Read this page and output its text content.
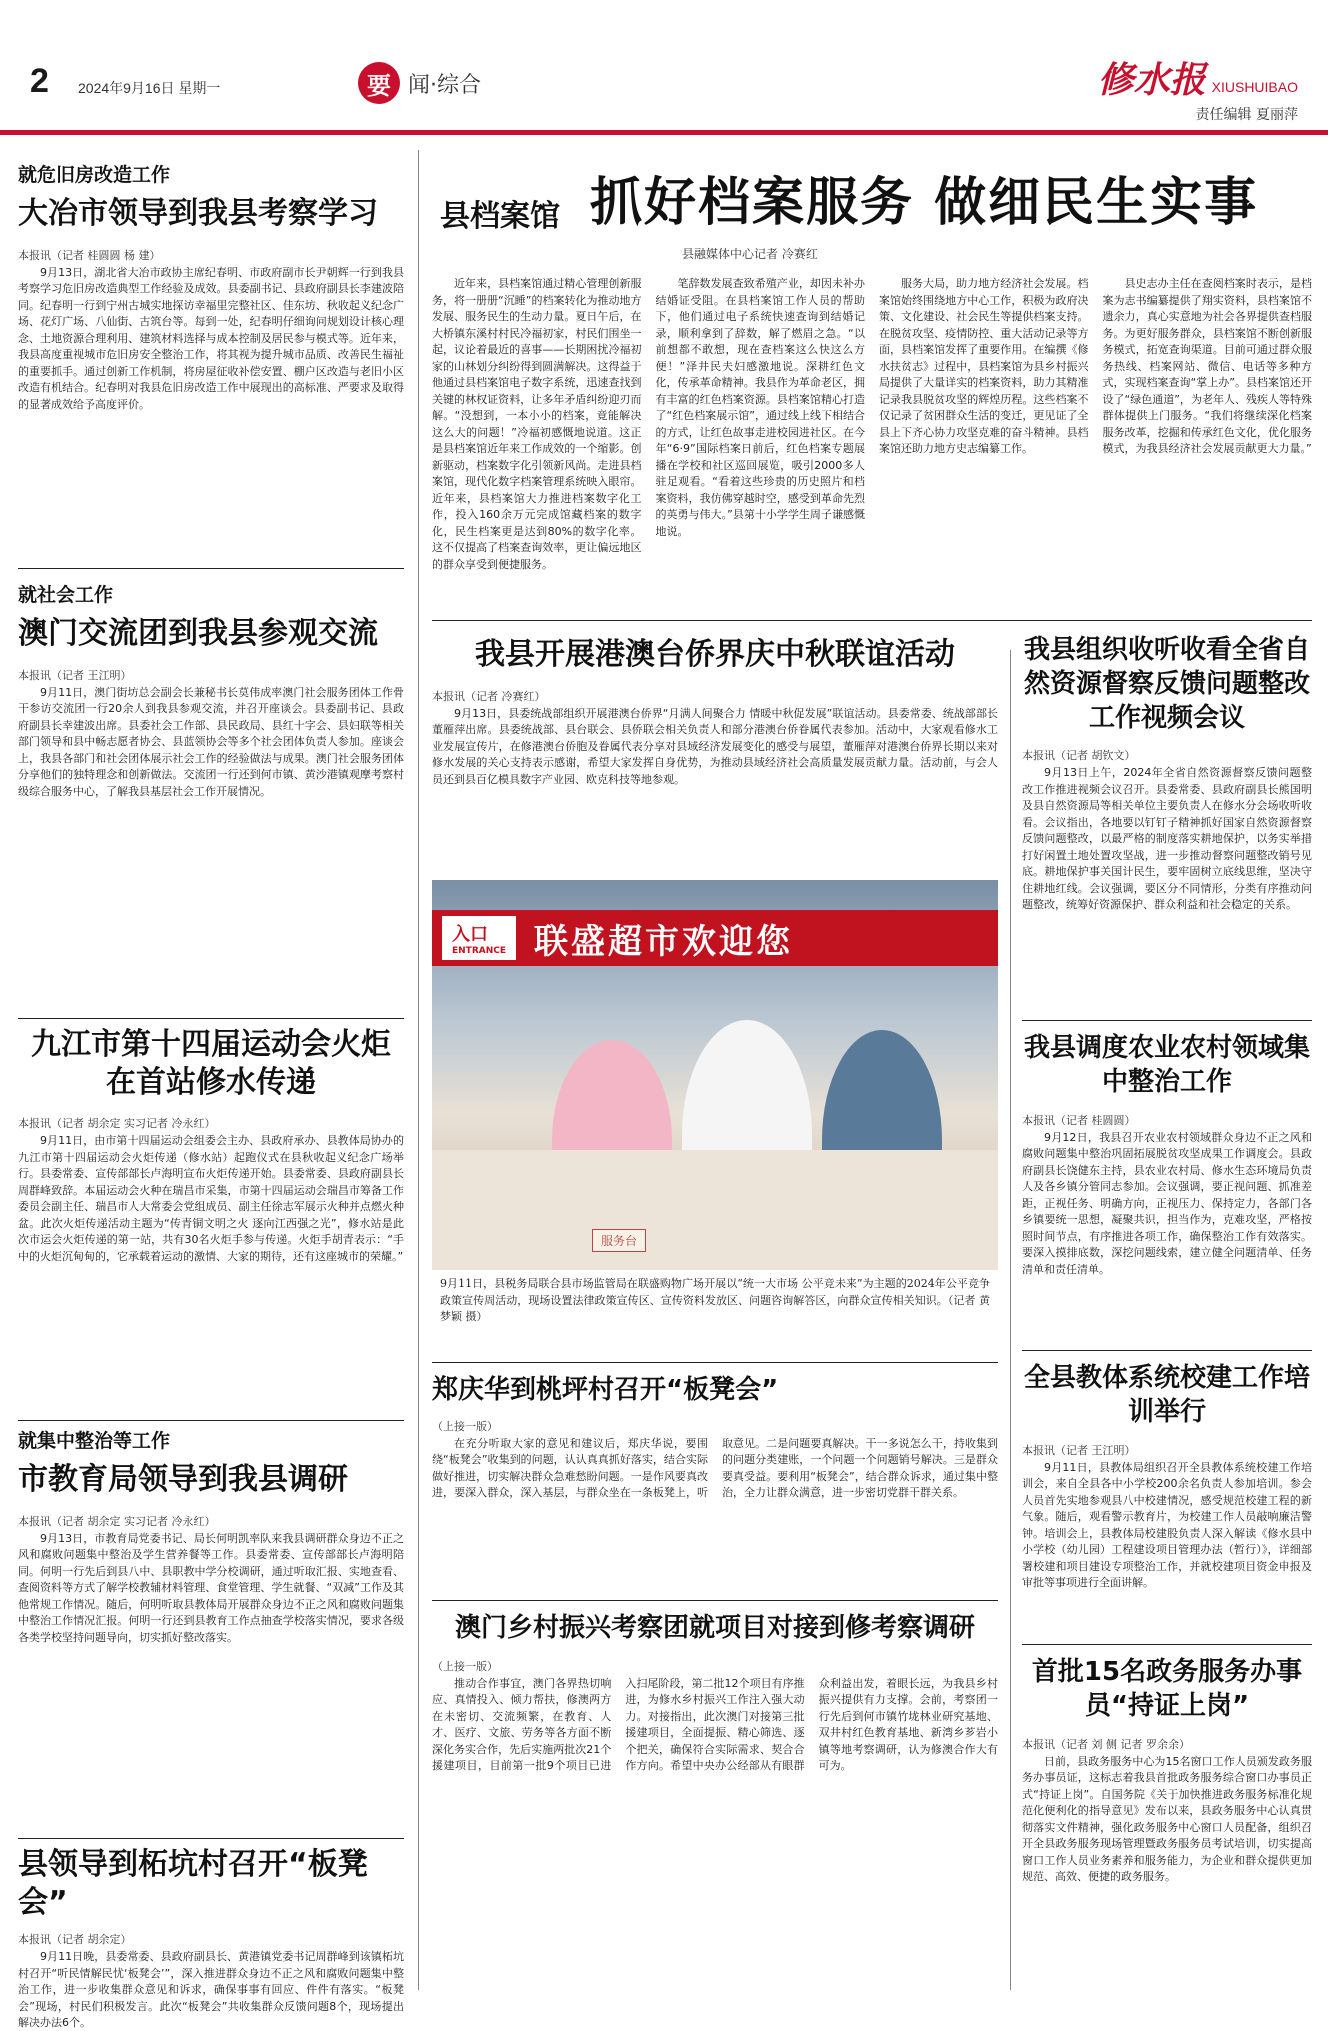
2 2024年9月16日 星期一	要 闻·综合	修水报 XIUSHUIBAO
责任编辑 夏丽萍
就危旧房改造工作
大冶市领导到我县考察学习
本报讯（记者 桂圆圆 杨 建）

9月13日，湖北省大冶市政协主席纪春明、市政府副市长尹朝辉一行到我县考察学习危旧房改造典型工作经验及成效。县委副书记、县政府副县长李建波陪同。纪春明一行到宁州古城实地探访幸福里完整社区、佳东坊、秋收起义纪念广场、花灯广场、八仙街、古筑台等。每到一处，纪春明仔细询问规划设计核心理念、土地资源合理利用、建筑材料选择与成本控制及居民参与模式等。近年来，我县高度重视城市危旧房安全整治工作，将其视为提升城市品质、改善民生福祉的重要抓手。通过创新工作机制，将房屋征收补偿安置、棚户区改造与老旧小区改造有机结合。纪春明对我县危旧房改造工作中展现出的高标准、严要求及取得的显著成效给予高度评价。

就社会工作
澳门交流团到我县参观交流
本报讯（记者 王江明）

9月11日，澳门街坊总会副会长兼秘书长莫伟成率澳门社会服务团体工作骨干参访交流团一行20余人到我县参观交流，并召开座谈会。县委副书记、县政府副县长幸建波出席。县委社会工作部、县民政局、县红十字会、县妇联等相关部门领导和县中畅志愿者协会、县蓝领协会等多个社会团体负责人参加。座谈会上，我县各部门和社会团体展示社会工作的经验做法与成果。澳门社会服务团体分享他们的独特理念和创新做法。交流团一行还到何市镇、黄沙港镇观摩考察村级综合服务中心，了解我县基层社会工作开展情况。

九江市第十四届运动会火炬在首站修水传递
本报讯（记者 胡余定 实习记者 冷永红）

9月11日，由市第十四届运动会组委会主办、县政府承办、县教体局协办的九江市第十四届运动会火炬传递（修水站）起跑仪式在县秋收起义纪念广场举行。县委常委、宣传部部长卢海明宣布火炬传递开始。县委常委、县政府副县长周群峰致辞。本届运动会火种在瑞昌市采集，市第十四届运动会瑞昌市筹备工作委员会副主任、瑞昌市人大常委会党组成员、副主任徐志军展示火种并点燃火种盆。此次火炬传递活动主题为“传青铜文明之火 逐向江西强之光”，修水站是此次市运会火炬传递的第一站，共有30名火炬手参与传递。火炬手胡青表示：“手中的火炬沉甸甸的，它承载着运动的激情、大家的期待，还有这座城市的荣耀。”

就集中整治等工作
市教育局领导到我县调研
本报讯（记者 胡余定 实习记者 冷永红）

9月13日，市教育局党委书记、局长何明凯率队来我县调研群众身边不正之风和腐败问题集中整治及学生营养餐等工作。县委常委、宣传部部长卢海明陪同。何明一行先后到县八中、县职教中学分校调研，通过听取汇报、实地查看、查阅资料等方式了解学校教辅材料管理、食堂管理、学生就餐、“双减”工作及其他常规工作情况。随后，何明听取县教体局开展群众身边不正之风和腐败问题集中整治工作情况汇报。何明一行还到县教育工作点抽查学校落实情况，要求各级各类学校坚持问题导向，切实抓好整改落实。

县领导到柘坑村召开“板凳会”
本报讯（记者 胡余定）

9月11日晚，县委常委、县政府副县长、黄港镇党委书记周群峰到该镇柘坑村召开“听民情解民忧‘板凳会’”，深入推进群众身边不正之风和腐败问题集中整治工作，进一步收集群众意见和诉求，确保事事有回应、件件有落实。“板凳会”现场，村民们积极发言。此次“板凳会”共收集群众反馈问题8个，现场提出解决办法6个。

县档案馆 抓好档案服务 做细民生实事
县融媒体中心记者 冷赛红

近年来，县档案馆通过精心管理创新服务，将一册册“沉睡”的档案转化为推动地方发展、服务民生的生动力量。夏日午后，在大桥镇东溪村村民冷福初家，村民们围坐一起，议论着最近的喜事——长期困扰冷福初家的山林划分纠纷得到圆满解决。这得益于他通过县档案馆电子数字系统，迅速查找到关键的林权证资料，让多年矛盾纠纷迎刃而解。“没想到，一本小小的档案，竟能解决这么大的问题！”冷福初感慨地说道。这正是县档案馆近年来工作成效的一个缩影。创新驱动，档案数字化引领新风尚。走进县档案馆，现代化数字档案管理系统映入眼帘。近年来，县档案馆大力推进档案数字化工作，投入160余万元完成馆藏档案的数字化，民生档案更是达到80%的数字化率。这不仅提高了档案查询效率，更让偏远地区的群众享受到便捷服务。

笔辞数发展查致希殖产业，却因未补办结婚证受阻。在县档案馆工作人员的帮助下，他们通过电子系统快速查询到结婚记录，顺利拿到了辞数，解了燃眉之急。“以前想都不敢想，现在查档案这么快这么方便！”泽井民夫妇感激地说。深耕红色文化，传承革命精神。我县作为革命老区，拥有丰富的红色档案资源。县档案馆精心打造了“红色档案展示馆”，通过线上线下相结合的方式，让红色故事走进校园进社区。在今年“6·9”国际档案日前后，红色档案专题展播在学校和社区巡回展览，吸引2000多人驻足观看。“看着这些珍贵的历史照片和档案资料，我仿佛穿越时空，感受到革命先烈的英勇与伟大。”县第十小学学生周子谦感慨地说。

服务大局，助力地方经济社会发展。档案馆始终围绕地方中心工作，积极为政府决策、文化建设、社会民生等提供档案支持。在脱贫攻坚、疫情防控、重大活动记录等方面，县档案馆发挥了重要作用。在编撰《修水扶贫志》过程中，县档案馆为县乡村振兴局提供了大量详实的档案资料，助力其精准记录我县脱贫攻坚的辉煌历程。这些档案不仅记录了贫困群众生活的变迁，更见证了全县上下齐心协力攻坚克难的奋斗精神。县档案馆还助力地方史志编纂工作。

县史志办主任在查阅档案时表示，是档案为志书编纂提供了翔实资料，县档案馆不遗余力，真心实意地为社会各界提供查档服务。为更好服务群众，县档案馆不断创新服务模式，拓宽查询渠道。目前可通过群众服务热线、档案网站、微信、电话等多种方式，实现档案查询“掌上办”。县档案馆还开设了“绿色通道”，为老年人、残疾人等特殊群体提供上门服务。“我们将继续深化档案服务改革，挖掘和传承红色文化，优化服务模式，为我县经济社会发展贡献更大力量。”

我县开展港澳台侨界庆中秋联谊活动
本报讯（记者 冷赛红）

9月13日，县委统战部组织开展港澳台侨界“月满人间聚合力 情暖中秋促发展”联谊活动。县委常委、统战部部长董雁萍出席。县委统战部、县台联会、县侨联会相关负责人和部分港澳台侨眷属代表参加。活动中，大家观看修水工业发展宣传片，在修港澳台侨胞及眷属代表分享对县域经济发展变化的感受与展望，董雁萍对港澳台侨界长期以来对修水发展的关心支持表示感谢，希望大家发挥自身优势，为推动县域经济社会高质量发展贡献力量。活动前，与会人员还到县百亿模具数字产业园、欧克科技等地参观。

入口
ENTRANCE 联盛超市欢迎您
服务台
9月11日，县税务局联合县市场监管局在联盛购物广场开展以“统一大市场 公平竞未来”为主题的2024年公平竞争政策宣传周活动，现场设置法律政策宣传区、宣传资料发放区、问题咨询解答区，向群众宣传相关知识。（记者 黄梦颖 摄）
郑庆华到桃坪村召开“板凳会”
（上接一版）

在充分听取大家的意见和建议后，郑庆华说，要围绕“板凳会”收集到的问题，认认真真抓好落实，结合实际做好推进，切实解决群众急难愁盼问题。一是作风要真改进，要深入群众，深入基层，与群众坐在一条板凳上，听取意见。二是问题要真解决。干一多说怎么干，持收集到的问题分类建账，一个问题一个问题销号解决。三是群众要真受益。要利用“板凳会”，结合群众诉求，通过集中整治，全力让群众满意，进一步密切党群干群关系。

澳门乡村振兴考察团就项目对接到修考察调研
（上接一版）

推动合作事宜，澳门各界热切响应、真情投入、倾力帮扶，修澳两方在未密切、交流频繁，在教育、人才、医疗、文旅、劳务等各方面不断深化务实合作，先后实施两批次21个援建项目，目前第一批9个项目已进入扫尾阶段，第二批12个项目有序推进，为修水乡村振兴工作注入强大动力。对接指出，此次澳门对接第三批援建项目，全面提振、精心筛选、逐个把关，确保符合实际需求、契合合作方向。希望中央办公经部从有眼群众利益出发，着眼长远，为我县乡村振兴提供有力支撑。会前，考察团一行先后到何市镇竹垅林业研究基地、双井村红色教育基地、新湾乡芗岩小镇等地考察调研，认为修澳合作大有可为。

我县组织收听收看全省自然资源督察反馈问题整改工作视频会议
本报讯（记者 胡钦文）

9月13日上午，2024年全省自然资源督察反馈问题整改工作推进视频会议召开。县委常委、县政府副县长熊国明及县自然资源局等相关单位主要负责人在修水分会场收听收看。会议指出，各地要以钉钉子精神抓好国家自然资源督察反馈问题整改，以最严格的制度落实耕地保护，以务实举措打好闲置土地处置攻坚战，进一步推动督察问题整改销号见底。耕地保护事关国计民生，要牢固树立底线思维，坚决守住耕地红线。会议强调，要区分不同情形，分类有序推动问题整改，统筹好资源保护、群众利益和社会稳定的关系。

我县调度农业农村领域集中整治工作
本报讯（记者 桂圆圆）

9月12日，我县召开农业农村领域群众身边不正之风和腐败问题集中整治巩固拓展脱贫攻坚成果工作调度会。县政府副县长饶健东主持，县农业农村局、修水生态环境局负责人及各乡镇分管同志参加。会议强调，要正视问题、抓准差距，正视任务、明确方向，正视压力、保持定力，各部门各乡镇要统一思想，凝聚共识，担当作为，克难攻坚，严格按照时间节点，有序推进各项工作，确保整治工作有效落实。要深入摸排底数，深挖问题线索，建立健全问题清单、任务清单和责任清单。

全县教体系统校建工作培训举行
本报讯（记者 王江明）

9月11日，县教体局组织召开全县教体系统校建工作培训会，来自全县各中小学校200余名负责人参加培训。参会人员首先实地参观县八中校建情况，感受规范校建工程的新气象。随后，观看警示教育片，为校建工作人员敲响廉洁警钟。培训会上，县教体局校建股负责人深入解读《修水县中小学校（幼儿园）工程建设项目管理办法（暂行）》，详细部署校建和项目建设专项整治工作，并就校建项目资金申报及审批等事项进行全面讲解。

首批15名政务服务办事员“持证上岗”
本报讯（记者 刘 侧 记者 罗余余）

日前，县政务服务中心为15名窗口工作人员颁发政务服务办事员证，这标志着我县首批政务服务综合窗口办事员正式“持证上岗”。自国务院《关于加快推进政务服务标准化规范化便利化的指导意见》发布以来，县政务服务中心认真贯彻落实文件精神，强化政务服务中心窗口人员配备，组织召开全县政务服务现场管理暨政务服务员考试培训，切实提高窗口工作人员业务素养和服务能力，为企业和群众提供更加规范、高效、便捷的政务服务。
